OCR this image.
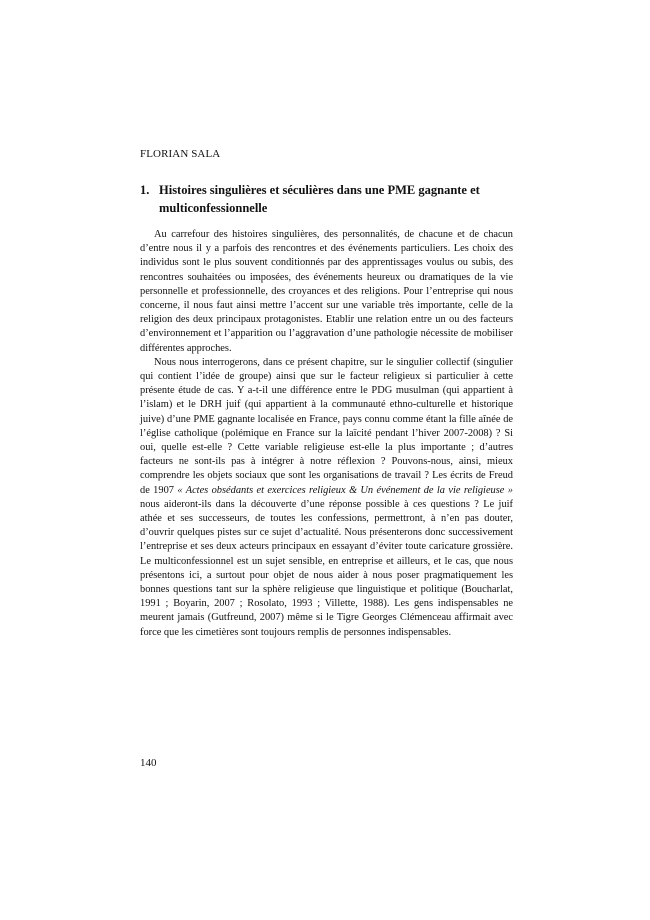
FLORIAN SALA
1. Histoires singulières et séculières dans une PME gagnante et multiconfessionnelle

Au carrefour des histoires singulières, des personnalités, de chacune et de chacun d’entre nous il y a parfois des rencontres et des événements particuliers. Les choix des individus sont le plus souvent conditionnés par des apprentissages voulus ou subis, des rencontres souhaitées ou imposées, des événements heureux ou dramatiques de la vie personnelle et professionnelle, des croyances et des religions. Pour l’entreprise qui nous concerne, il nous faut ainsi mettre l’accent sur une variable très importante, celle de la religion des deux principaux protagonistes. Etablir une relation entre un ou des facteurs d’environnement et l’apparition ou l’aggravation d’une pathologie nécessite de mobiliser différentes approches.

Nous nous interrogerons, dans ce présent chapitre, sur le singulier collectif (singulier qui contient l’idée de groupe) ainsi que sur le facteur religieux si particulier à cette présente étude de cas. Y a-t-il une différence entre le PDG musulman (qui appartient à l’islam) et le DRH juif (qui appartient à la communauté ethno-culturelle et historique juive) d’une PME gagnante localisée en France, pays connu comme étant la fille aînée de l’église catholique (polémique en France sur la laïcité pendant l’hiver 2007-2008) ? Si oui, quelle est-elle ? Cette variable religieuse est-elle la plus importante ; d’autres facteurs ne sont-ils pas à intégrer à notre réflexion ? Pouvons-nous, ainsi, mieux comprendre les objets sociaux que sont les organisations de travail ? Les écrits de Freud de 1907 « Actes obsédants et exercices religieux & Un événement de la vie religieuse » nous aideront-ils dans la découverte d’une réponse possible à ces questions ? Le juif athée et ses successeurs, de toutes les confessions, permettront, à n’en pas douter, d’ouvrir quelques pistes sur ce sujet d’actualité. Nous présenterons donc successivement l’entreprise et ses deux acteurs principaux en essayant d’éviter toute caricature grossière. Le multiconfessionnel est un sujet sensible, en entreprise et ailleurs, et le cas, que nous présentons ici, a surtout pour objet de nous aider à nous poser pragmatiquement les bonnes questions tant sur la sphère religieuse que linguistique et politique (Boucharlat, 1991 ; Boyarin, 2007 ; Rosolato, 1993 ; Villette, 1988). Les gens indispensables ne meurent jamais (Gutfreund, 2007) même si le Tigre Georges Clémenceau affirmait avec force que les cimetières sont toujours remplis de personnes indispensables.

140
